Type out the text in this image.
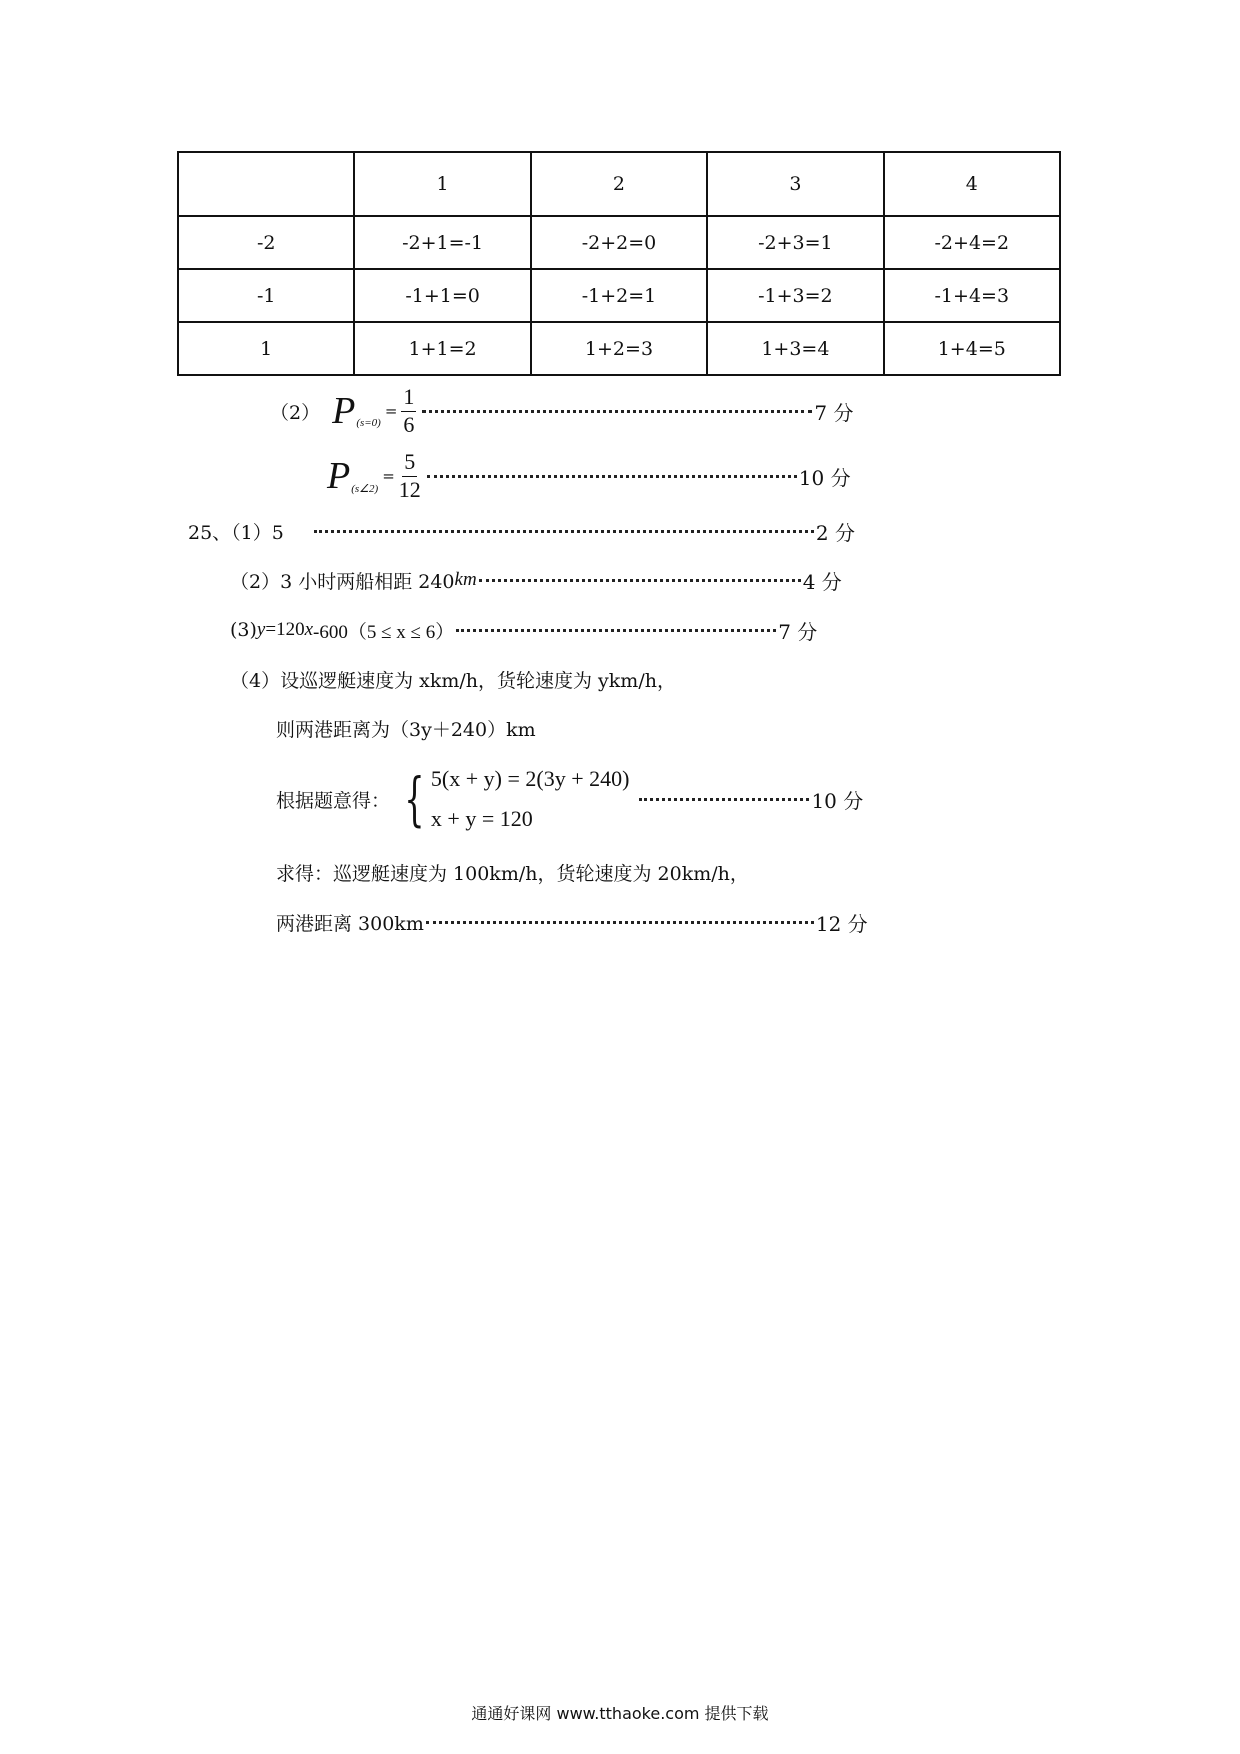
	1	2	3	4
-2	-2+1=-1	-2+2=0	-2+3=1	-2+4=2
-1	-1+1=0	-1+2=1	-1+3=2	-1+4=3
1	1+1=2	1+2=3	1+3=4	1+4=5
（2） P (s=0)
= $\frac{1}{6}$	7 分
P (s∠2)
= $\frac{5}{12}$	10 分
25、（1）5	2 分
（2）3 小时两船相距 240 km	4 分
(3) y =120 x -600（5 ≤ x ≤ 6）	7 分
（4）设巡逻艇速度为 xkm/h，货轮速度为 ykm/h，
则两港距离为（3y＋240）km
根据题意得： { 5(x + y) = 2(3y + 240)
x + y = 120
10 分
求得：巡逻艇速度为 100km/h，货轮速度为 20km/h，
两港距离 300km	12 分
通通好课网 www.tthaoke.com 提供下载
